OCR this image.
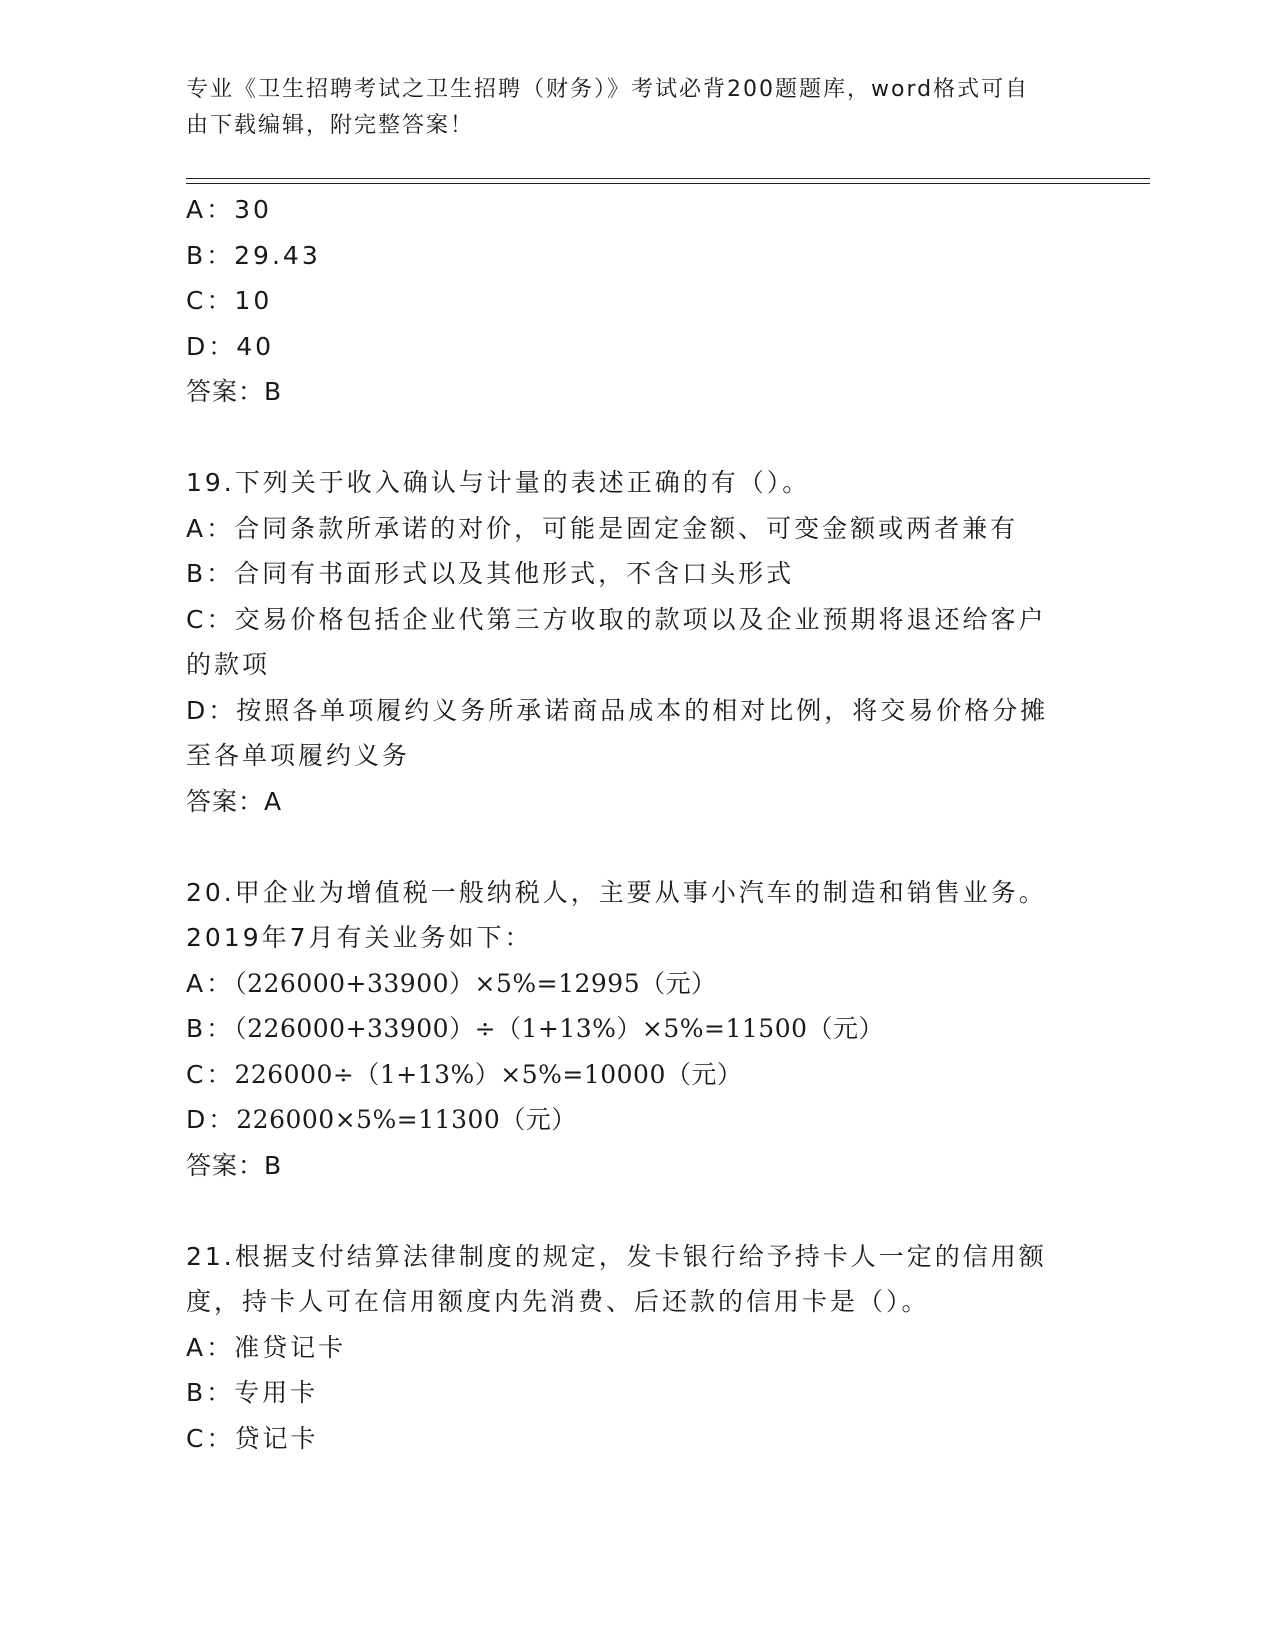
专业《卫生招聘考试之卫生招聘（财务）》考试必背200题题库，word格式可自
由下载编辑，附完整答案！
A：30
B：29.43
C：10
D：40
答案：B
19.下列关于收入确认与计量的表述正确的有（）。
A：合同条款所承诺的对价，可能是固定金额、可变金额或两者兼有
B：合同有书面形式以及其他形式，不含口头形式
C：交易价格包括企业代第三方收取的款项以及企业预期将退还给客户
的款项
D：按照各单项履约义务所承诺商品成本的相对比例，将交易价格分摊
至各单项履约义务
答案：A
20.甲企业为增值税一般纳税人，主要从事小汽车的制造和销售业务。
2019年7月有关业务如下：
A：（226000+33900）×5%=12995（元）
B：（226000+33900）÷（1+13%）×5%=11500（元）
C：226000÷（1+13%）×5%=10000（元）
D：226000×5%=11300（元）
答案：B
21.根据支付结算法律制度的规定，发卡银行给予持卡人一定的信用额
度，持卡人可在信用额度内先消费、后还款的信用卡是（）。
A：准贷记卡
B：专用卡
C：贷记卡
